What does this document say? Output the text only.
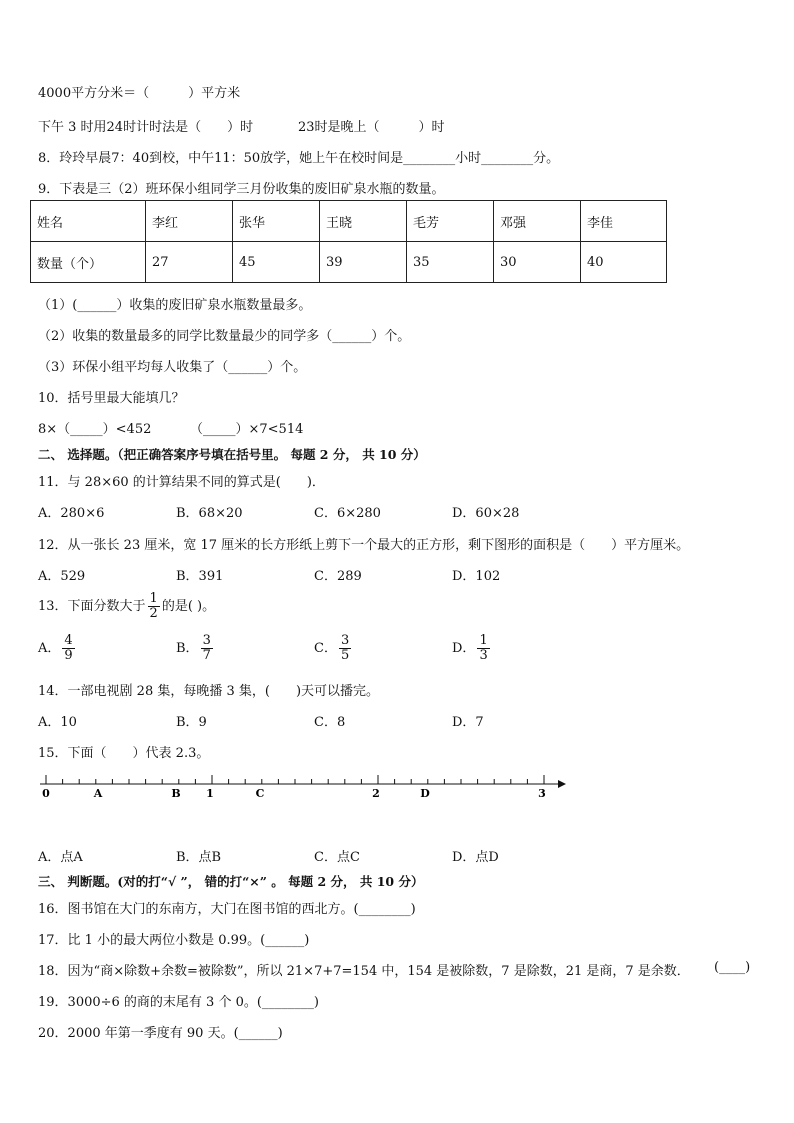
4000平方分米＝（　　　）平方米
下午 3 时用24时计时法是（　　）时	23时是晚上（　　　）时
8．玲玲早晨7：40到校，中午11：50放学，她上午在校时间是________小时________分。
9．下表是三（2）班环保小组同学三月份收集的废旧矿泉水瓶的数量。
姓名	李红	张华	王晓	毛芳	邓强	李佳
数量（个）	27	45	39	35	30	40
（1）(______）收集的废旧矿泉水瓶数量最多。
（2）收集的数量最多的同学比数量最少的同学多（______）个。
（3）环保小组平均每人收集了（______）个。
10．括号里最大能填几？
8×（_____）<452	（_____）×7<514
二、 选择题。（把正确答案序号填在括号里。 每题 2 分， 共 10 分）
11．与 28×60 的计算结果不同的算式是(　　)．
A．280×6	B．68×20	C．6×280	D．60×28
12．从一张长 23 厘米，宽 17 厘米的长方形纸上剪下一个最大的正方形，剩下图形的面积是（　　）平方厘米。
A．529	B．391	C．289	D．102
13．下面分数大于 $\frac{1}{2}$ 的是( )。
A． $\frac{4}{9}$	B． $\frac{3}{7}$	C． $\frac{3}{5}$	D． $\frac{1}{3}$
14．一部电视剧 28 集，每晚播 3 集，(　　)天可以播完。
A．10	B．9	C．8	D．7
15．下面（　　）代表 2.3。
0	1	2	3
A	B	C	D
A．点A	B．点B	C．点C	D．点D
三、 判断题。(对的打“√ ”， 错的打“×” 。 每题 2 分， 共 10 分）
16．图书馆在大门的东南方，大门在图书馆的西北方。(________)
17．比 1 小的最大两位小数是 0.99。(______)
18．因为“商×除数+余数=被除数”，所以 21×7+7=154 中，154 是被除数，7 是除数，21 是商，7 是余数． (____)
19．3000÷6 的商的末尾有 3 个 0。(________)
20．2000 年第一季度有 90 天。(______)
